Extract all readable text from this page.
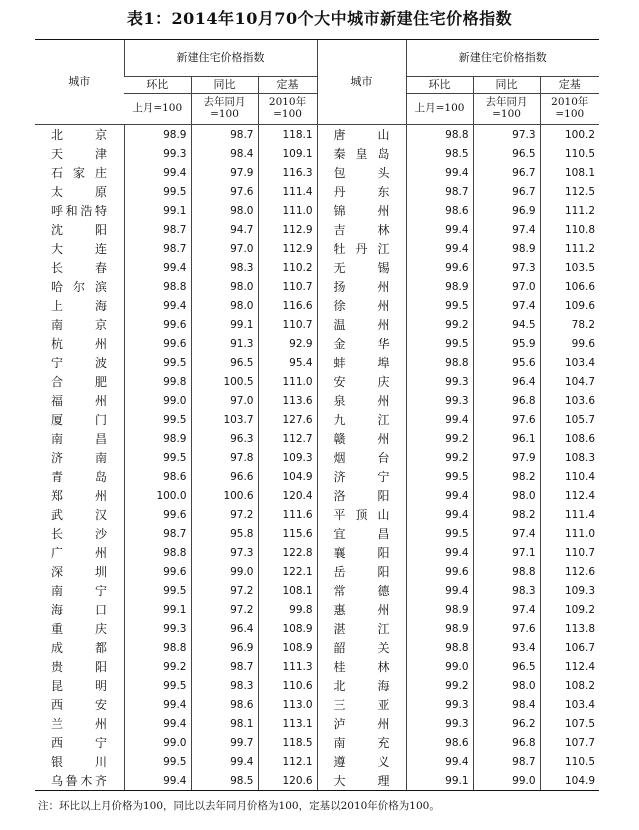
表1：2014年10月70个大中城市新建住宅价格指数
城市	新建住宅价格指数			城市	新建住宅价格指数		
	环比	同比	定基		环比	同比	定基
	上月=100	去年同月=100	2010年=100		上月=100	去年同月=100	2010年=100
北京	98.9	98.7	118.1	唐山	98.8	97.3	100.2
天津	99.3	98.4	109.1	秦皇岛	98.5	96.5	110.5
石家庄	99.4	97.9	116.3	包头	99.4	96.7	108.1
太原	99.5	97.6	111.4	丹东	98.7	96.7	112.5
呼和浩特	99.1	98.0	111.0	锦州	98.6	96.9	111.2
沈阳	98.7	94.7	112.9	吉林	99.4	97.4	110.8
大连	98.7	97.0	112.9	牡丹江	99.4	98.9	111.2
长春	99.4	98.3	110.2	无锡	99.6	97.3	103.5
哈尔滨	98.8	98.0	110.7	扬州	98.9	97.0	106.6
上海	99.4	98.0	116.6	徐州	99.5	97.4	109.6
南京	99.6	99.1	110.7	温州	99.2	94.5	78.2
杭州	99.6	91.3	92.9	金华	99.5	95.9	99.6
宁波	99.5	96.5	95.4	蚌埠	98.8	95.6	103.4
合肥	99.8	100.5	111.0	安庆	99.3	96.4	104.7
福州	99.0	97.0	113.6	泉州	99.3	96.8	103.6
厦门	99.5	103.7	127.6	九江	99.4	97.6	105.7
南昌	98.9	96.3	112.7	赣州	99.2	96.1	108.6
济南	99.5	97.8	109.3	烟台	99.2	97.9	108.3
青岛	98.6	96.6	104.9	济宁	99.5	98.2	110.4
郑州	100.0	100.6	120.4	洛阳	99.4	98.0	112.4
武汉	99.6	97.2	111.6	平顶山	99.4	98.2	111.4
长沙	98.7	95.8	115.6	宜昌	99.5	97.4	111.0
广州	98.8	97.3	122.8	襄阳	99.4	97.1	110.7
深圳	99.6	99.0	122.1	岳阳	99.6	98.8	112.6
南宁	99.5	97.2	108.1	常德	99.4	98.3	109.3
海口	99.1	97.2	99.8	惠州	98.9	97.4	109.2
重庆	99.3	96.4	108.9	湛江	98.9	97.6	113.8
成都	98.8	96.9	108.9	韶关	98.8	93.4	106.7
贵阳	99.2	98.7	111.3	桂林	99.0	96.5	112.4
昆明	99.5	98.3	110.6	北海	99.2	98.0	108.2
西安	99.4	98.6	113.0	三亚	99.3	98.4	103.4
兰州	99.4	98.1	113.1	泸州	99.3	96.2	107.5
西宁	99.0	99.7	118.5	南充	98.6	96.8	107.7
银川	99.5	99.4	112.1	遵义	99.4	98.7	110.5
乌鲁木齐	99.4	98.5	120.6	大理	99.1	99.0	104.9
注：环比以上月价格为100，同比以去年同月价格为100，定基以2010年价格为100。
